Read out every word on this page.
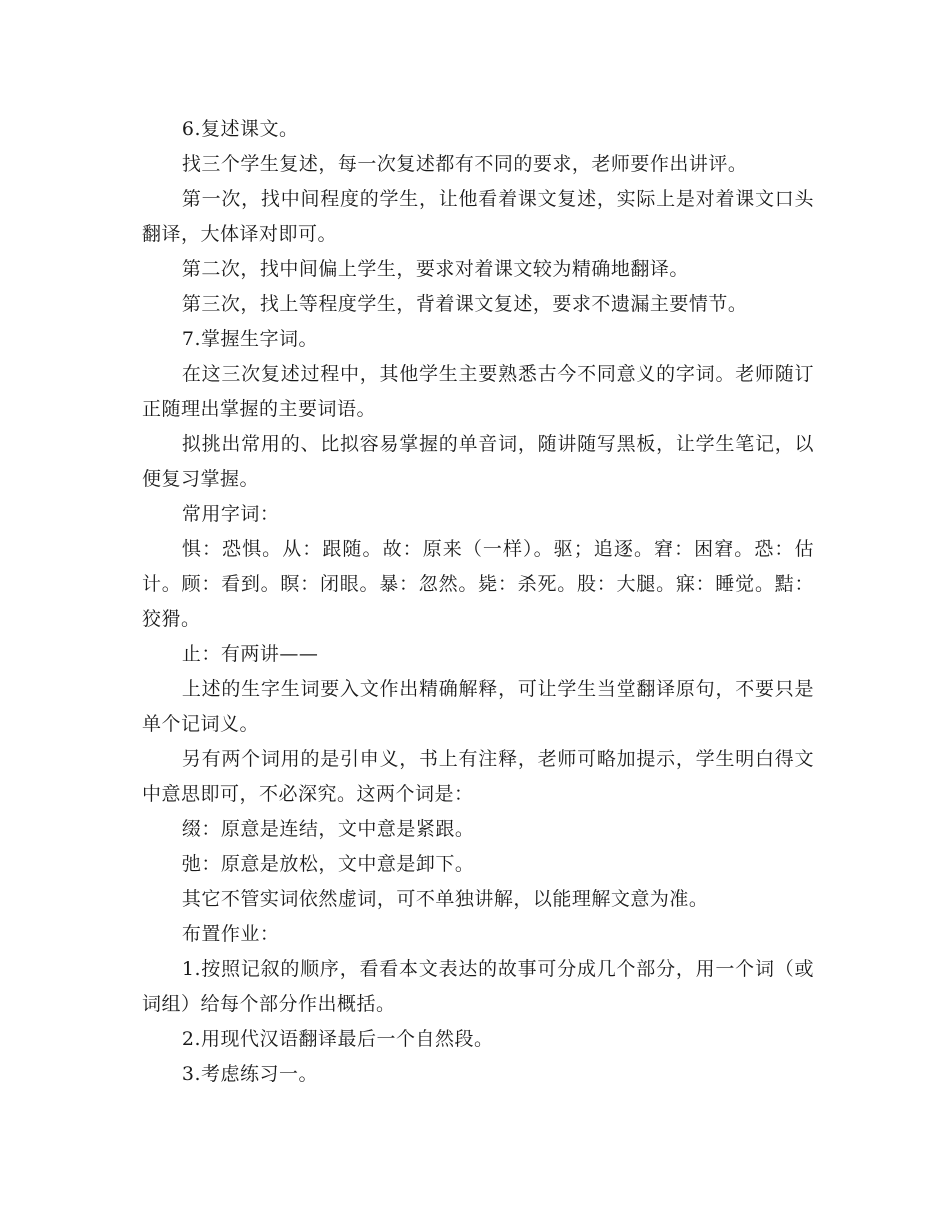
6.复述课文。

找三个学生复述，每一次复述都有不同的要求，老师要作出讲评。

第一次，找中间程度的学生，让他看着课文复述，实际上是对着课文口头翻译，大体译对即可。

第二次，找中间偏上学生，要求对着课文较为精确地翻译。

第三次，找上等程度学生，背着课文复述，要求不遗漏主要情节。

7.掌握生字词。

在这三次复述过程中，其他学生主要熟悉古今不同意义的字词。老师随订正随理出掌握的主要词语。

拟挑出常用的、比拟容易掌握的单音词，随讲随写黑板，让学生笔记，以便复习掌握。

常用字词：

惧：恐惧。从：跟随。故：原来（一样）。驱；追逐。窘：困窘。恐：估计。顾：看到。瞑：闭眼。暴：忽然。毙：杀死。股：大腿。寐：睡觉。黠：狡猾。

止：有两讲——

上述的生字生词要入文作出精确解释，可让学生当堂翻译原句，不要只是单个记词义。

另有两个词用的是引申义，书上有注释，老师可略加提示，学生明白得文中意思即可，不必深究。这两个词是：

缀：原意是连结，文中意是紧跟。

弛：原意是放松，文中意是卸下。

其它不管实词依然虚词，可不单独讲解，以能理解文意为准。

布置作业：

1.按照记叙的顺序，看看本文表达的故事可分成几个部分，用一个词（或词组）给每个部分作出概括。

2.用现代汉语翻译最后一个自然段。

3.考虑练习一。
